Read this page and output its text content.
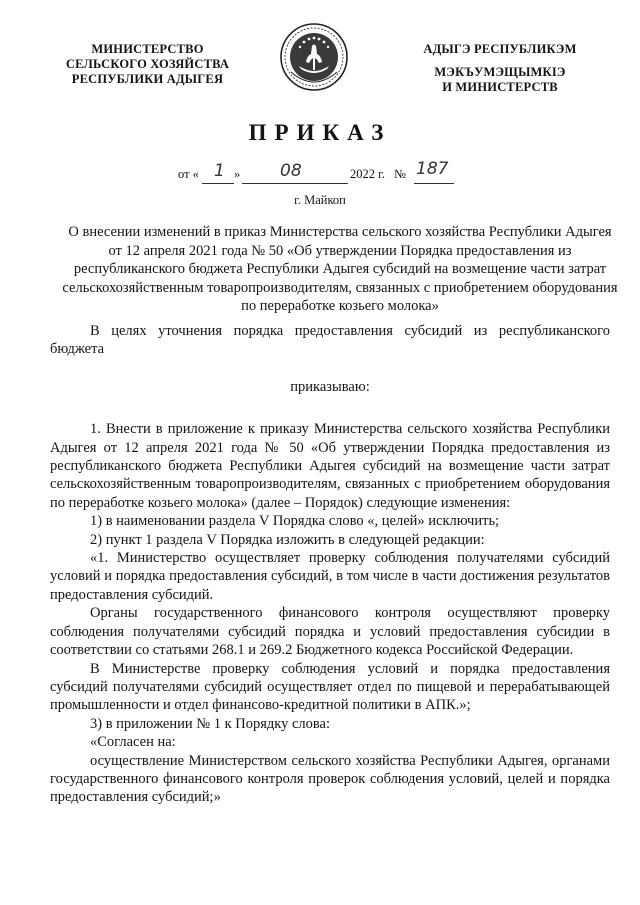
МИНИСТЕРСТВО
СЕЛЬСКОГО ХОЗЯЙСТВА
РЕСПУБЛИКИ АДЫГЕЯ
АДЫГЭ РЕСПУБЛИКЭМ
МЭКЪУМЭЩЫМКIЭ
И МИНИСТЕРСТВ
ПРИКАЗ
от « 1 » 08	2022 г. № 187
г. Майкоп
О внесении изменений в приказ Министерства сельского хозяйства Республики Адыгея от 12 апреля 2021 года № 50 «Об утверждении Порядка предоставления из республиканского бюджета Республики Адыгея субсидий на возмещение части затрат сельскохозяйственным товаропроизводителям, связанных с приобретением оборудования по переработке козьего молока»

В целях уточнения порядка предоставления субсидий из республиканского бюджета

приказываю:

1. Внести в приложение к приказу Министерства сельского хозяйства Республики Адыгея от 12 апреля 2021 года № 50 «Об утверждении Порядка предоставления из республиканского бюджета Республики Адыгея субсидий на возмещение части затрат сельскохозяйственным товаропроизводителям, связанных с приобретением оборудования по переработке козьего молока» (далее – Порядок) следующие изменения:

1) в наименовании раздела V Порядка слово «, целей» исключить;

2) пункт 1 раздела V Порядка изложить в следующей редакции:

«1. Министерство осуществляет проверку соблюдения получателями субсидий условий и порядка предоставления субсидий, в том числе в части достижения результатов предоставления субсидий.

Органы государственного финансового контроля осуществляют проверку соблюдения получателями субсидий порядка и условий предоставления субсидии в соответствии со статьями 268.1 и 269.2 Бюджетного кодекса Российской Федерации.

В Министерстве проверку соблюдения условий и порядка предоставления субсидий получателями субсидий осуществляет отдел по пищевой и перерабатывающей промышленности и отдел финансово-кредитной политики в АПК.»;

3) в приложении № 1 к Порядку слова:

«Согласен на:

осуществление Министерством сельского хозяйства Республики Адыгея, органами государственного финансового контроля проверок соблюдения условий, целей и порядка предоставления субсидий;»
